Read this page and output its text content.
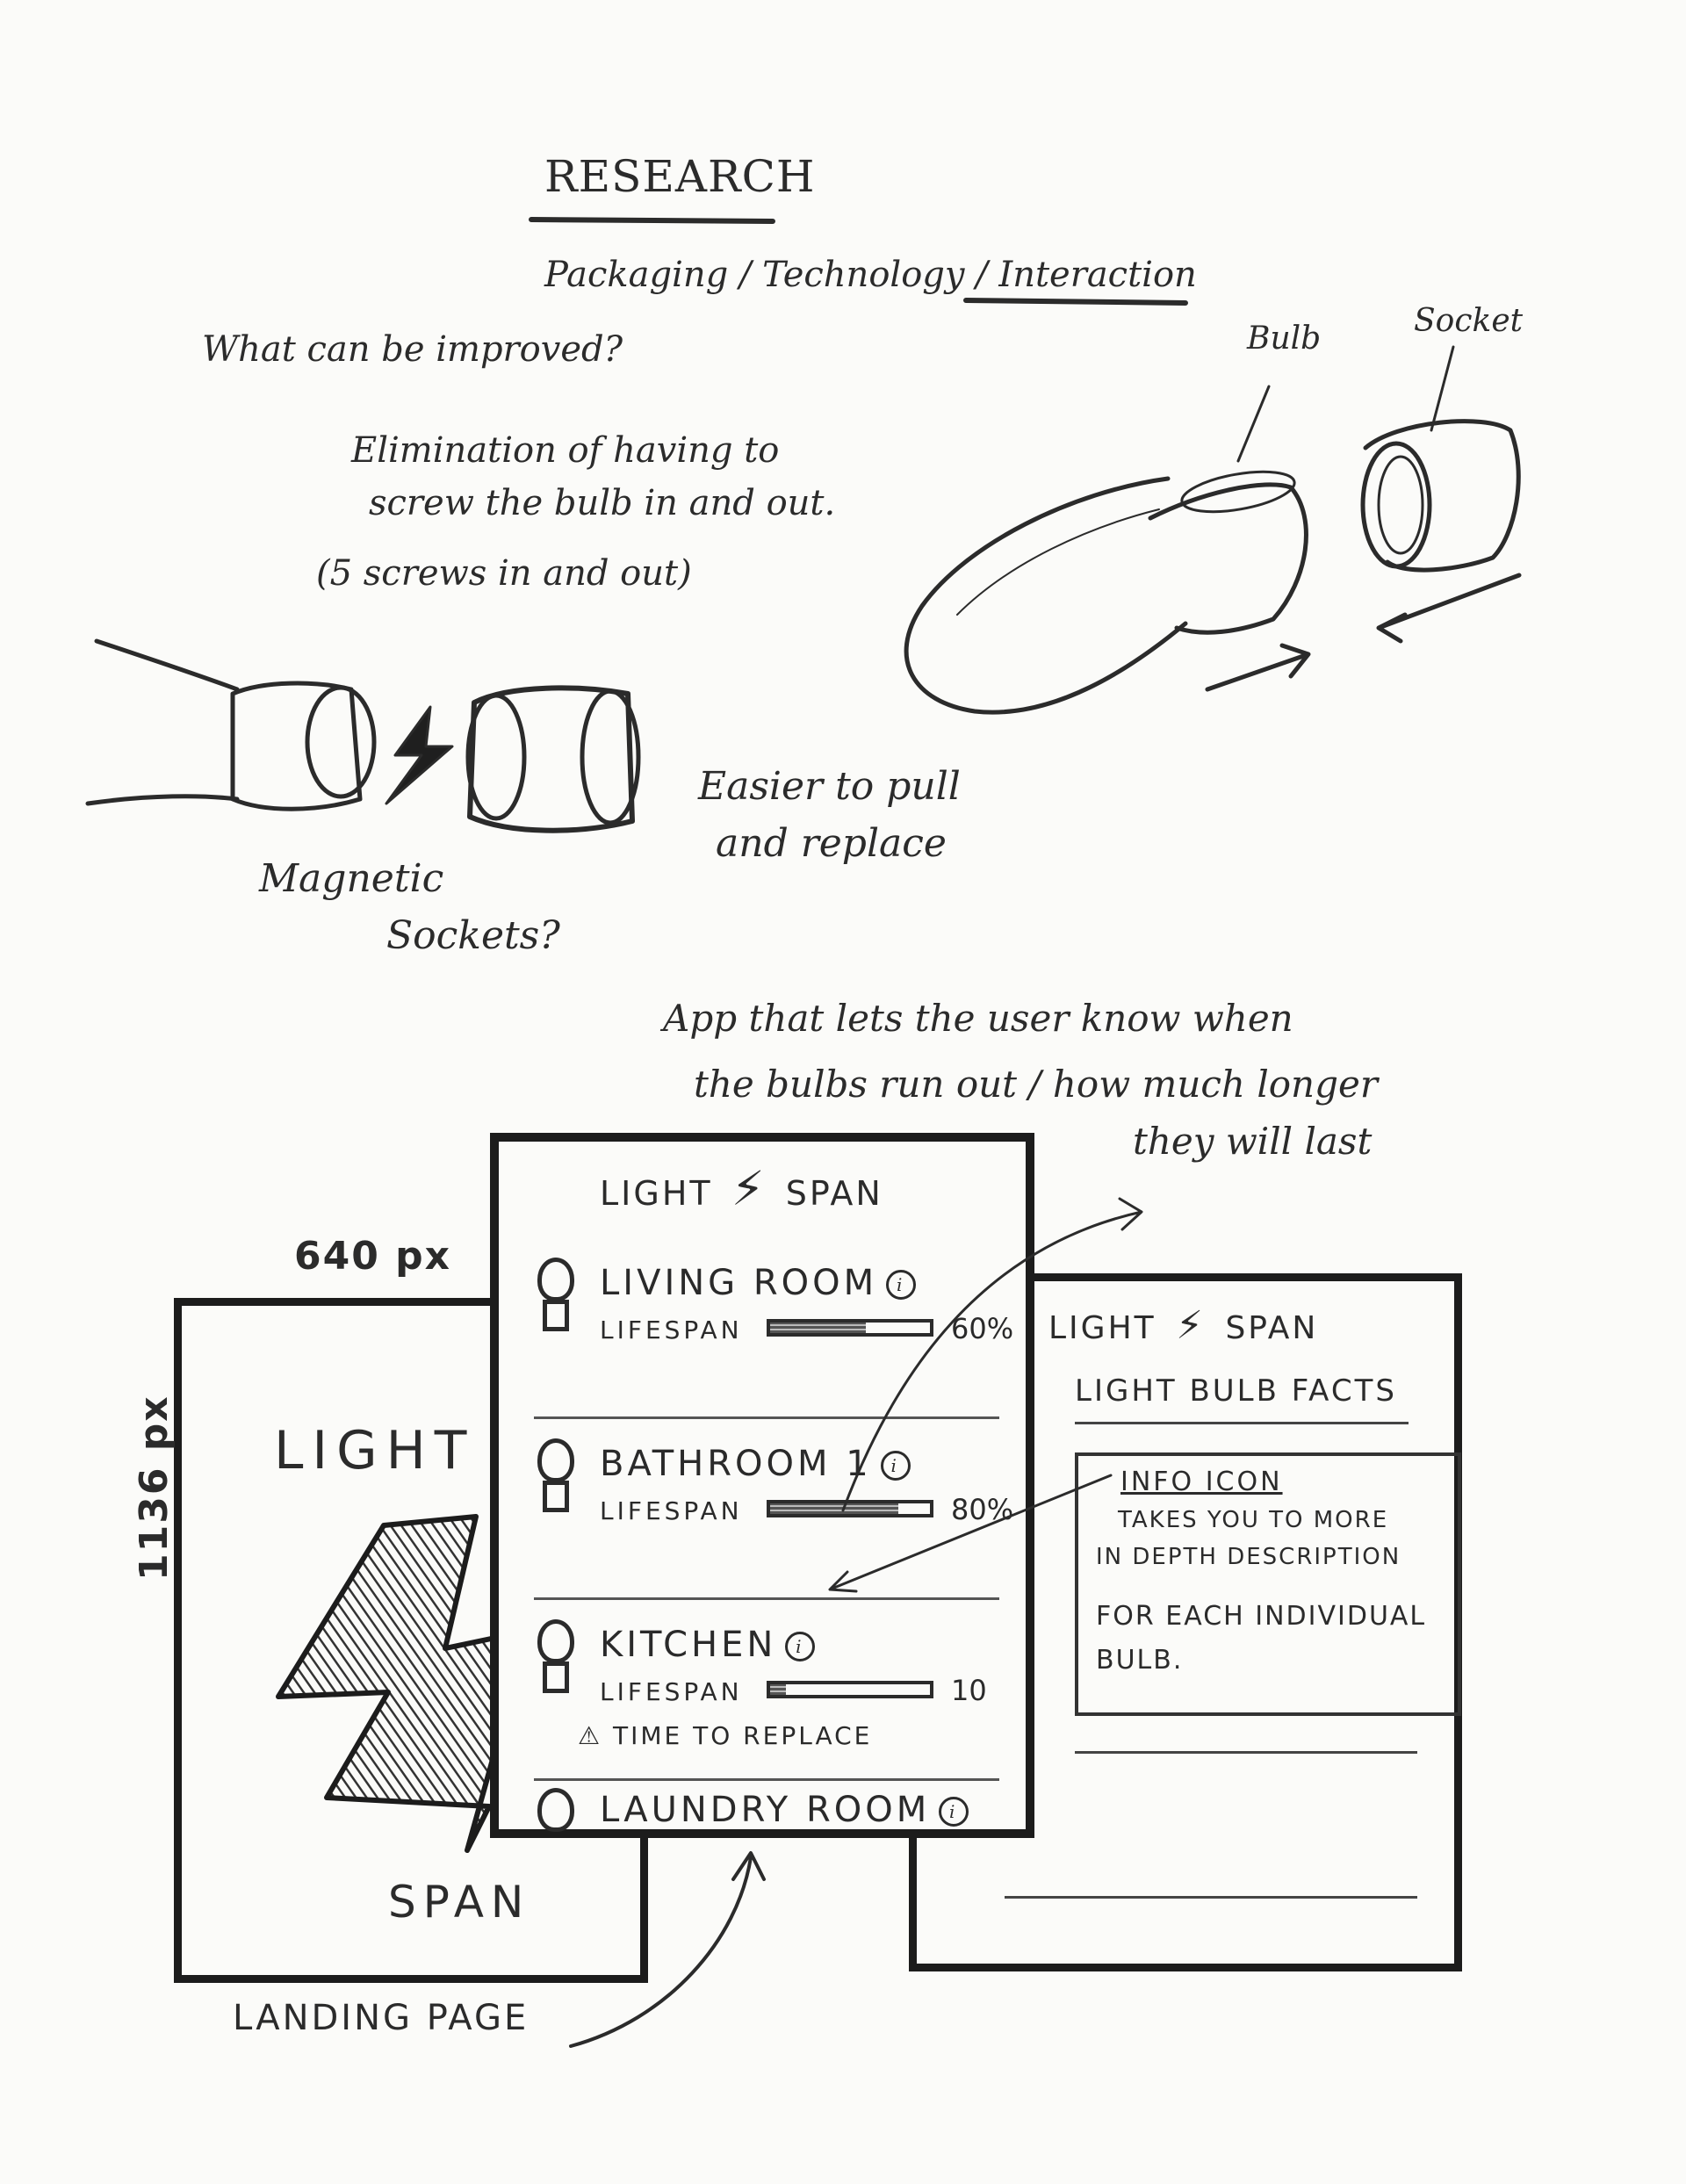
RESEARCH
Packaging / Technology / Interaction
What can be improved?
Elimination of having to
screw the bulb in and out.
(5 screws in and out)
Bulb	Socket
Magnetic
Sockets?
Easier to pull
and replace
App that lets the user know when
the bulbs run out / how much longer
they will last
LIGHT
SPAN
LIGHT ⚡ SPAN
LIGHT BULB FACTS
INFO ICON
TAKES YOU TO MORE
IN DEPTH DESCRIPTION
FOR EACH INDIVIDUAL
BULB.
LIGHT ⚡ SPAN
LIVING ROOM i
LIFESPAN	60%
BATHROOM 1 i
LIFESPAN	80%
KITCHEN i
LIFESPAN	10
⚠ TIME TO REPLACE
LAUNDRY ROOM i
640 px
1136 px
LANDING PAGE
